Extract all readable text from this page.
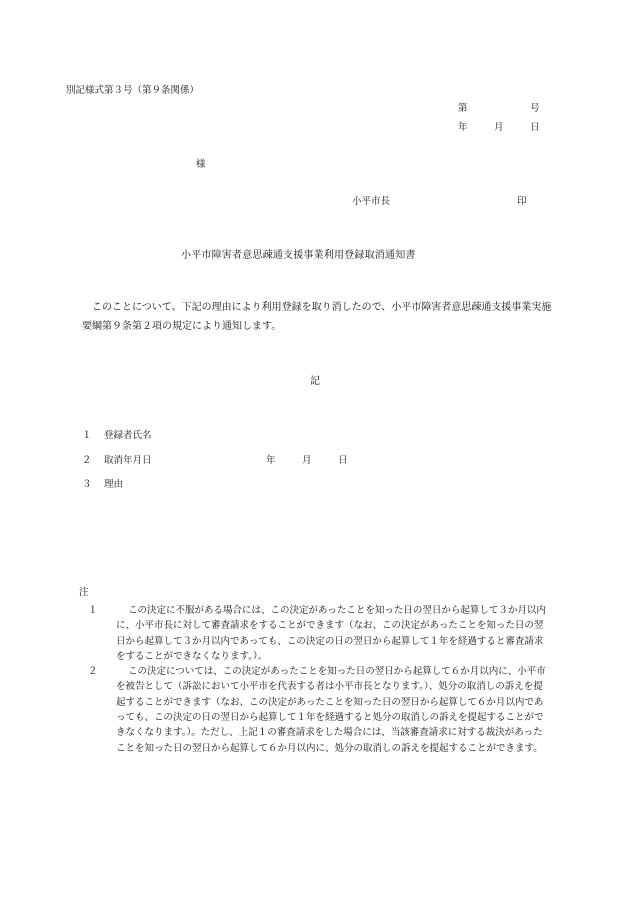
別記様式第３号（第９条関係）
第	号
年	月	日
様
小平市長	印
小平市障害者意思疎通支援事業利用登録取消通知書
このことについて、下記の理由により利用登録を取り消したので、小平市障害者意思疎通支援事業実施要綱第９条第２項の規定により通知します。
記
１ 登録者氏名
２ 取消年月日	年	月	日
３ 理由
注
１	この決定に不服がある場合には、この決定があったことを知った日の翌日から起算して３か月以内に、小平市長に対して審査請求をすることができます（なお、この決定があったことを知った日の翌日から起算して３か月以内であっても、この決定の日の翌日から起算して１年を経過すると審査請求をすることができなくなります。）。
２	この決定については、この決定があったことを知った日の翌日から起算して６か月以内に、小平市を被告として（訴訟において小平市を代表する者は小平市長となります。）、処分の取消しの訴えを提起することができます（なお、この決定があったことを知った日の翌日から起算して６か月以内であっても、この決定の日の翌日から起算して１年を経過すると処分の取消しの訴えを提起することができなくなります。）。ただし、上記１の審査請求をした場合には、当該審査請求に対する裁決があったことを知った日の翌日から起算して６か月以内に、処分の取消しの訴えを提起することができます。
